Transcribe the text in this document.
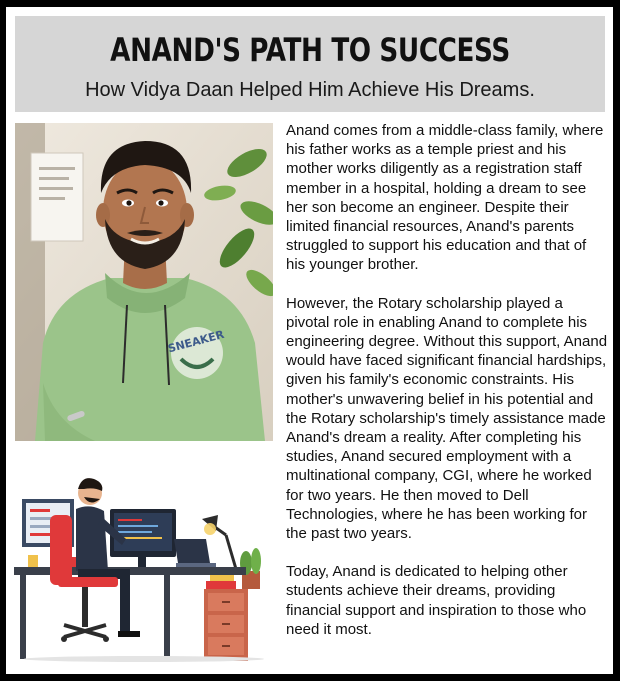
ANAND'S PATH TO SUCCESS
How Vidya Daan Helped Him Achieve His Dreams.
SNEAKER

Anand comes from a middle-class family, where his father works as a temple priest and his mother works diligently as a registration staff member in a hospital, holding a dream to see her son become an engineer. Despite their limited financial resources, Anand's parents struggled to support his education and that of his younger brother.

However, the Rotary scholarship played a pivotal role in enabling Anand to complete his engineering degree. Without this support, Anand would have faced significant financial hardships, given his family's economic constraints. His mother's unwavering belief in his potential and the Rotary scholarship's timely assistance made Anand's dream a reality. After completing his studies, Anand secured employment with a multinational company, CGI, where he worked for two years. He then moved to Dell Technologies, where he has been working for the past two years.

Today, Anand is dedicated to helping other students achieve their dreams, providing financial support and inspiration to those who need it most.
